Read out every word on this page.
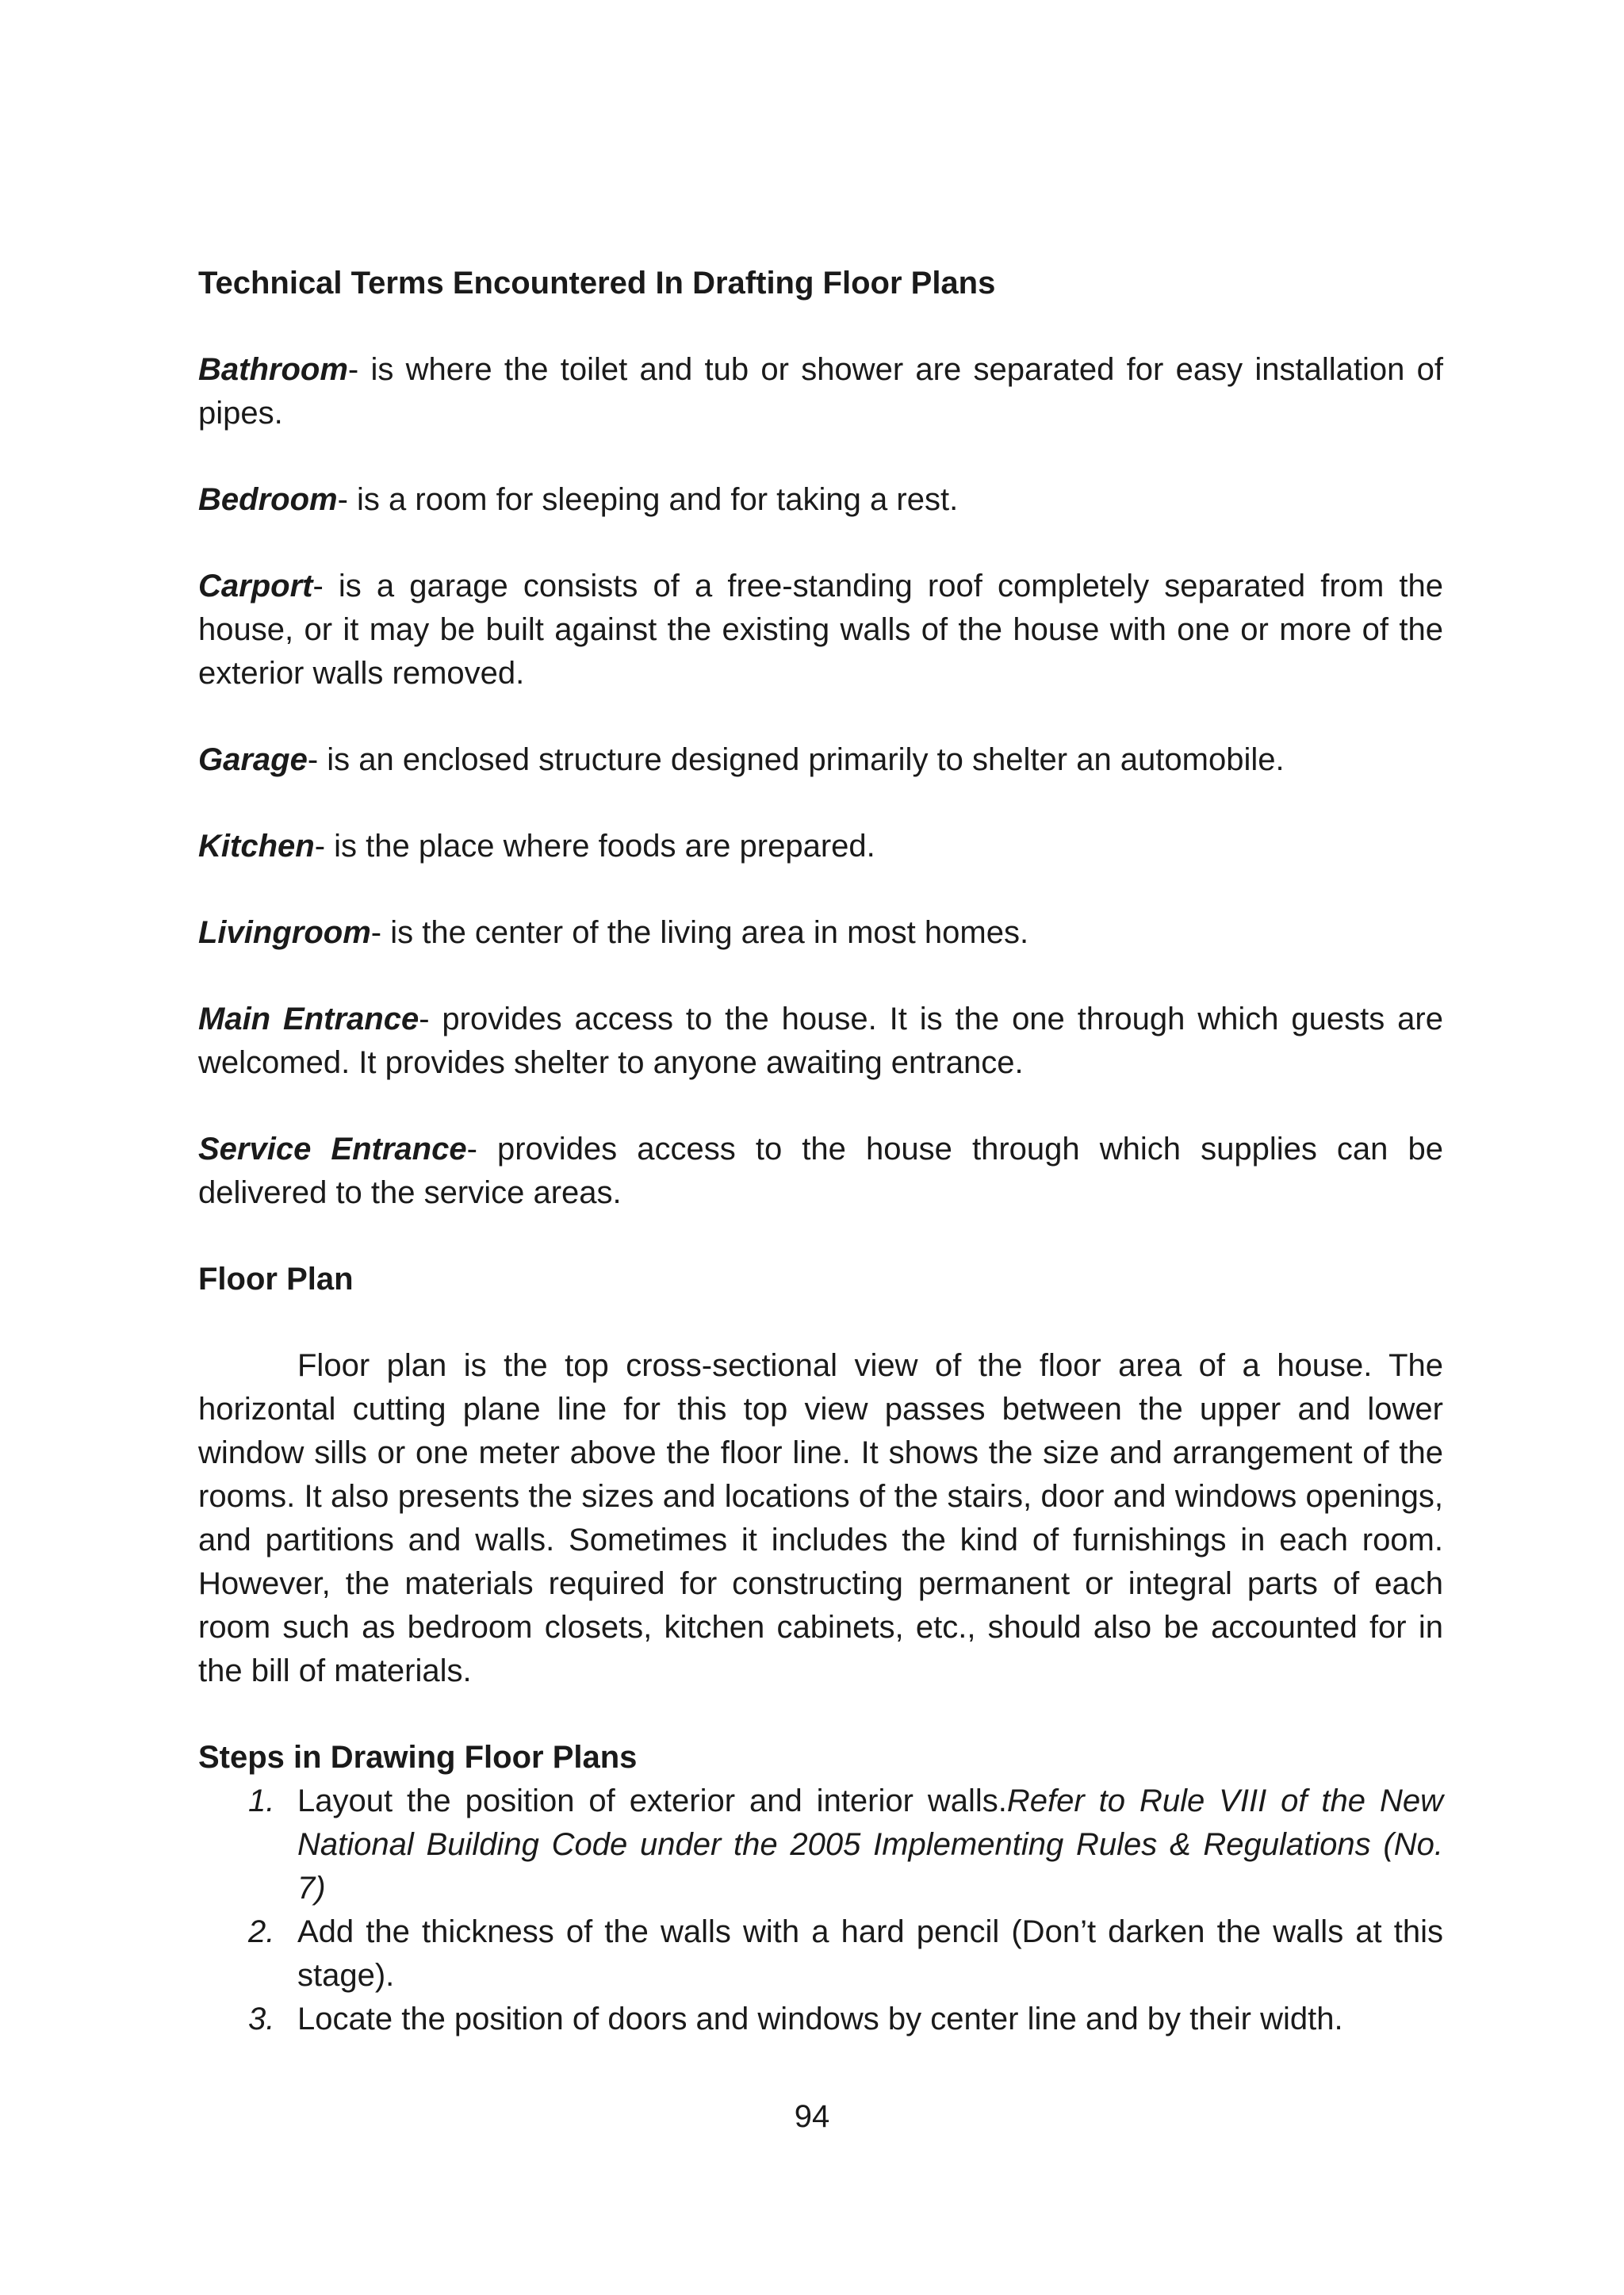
Technical Terms Encountered In Drafting Floor Plans

Bathroom- is where the toilet and tub or shower are separated for easy installation of pipes.

Bedroom- is a room for sleeping and for taking a rest.

Carport- is a garage consists of a free-standing roof completely separated from the house, or it may be built against the existing walls of the house with one or more of the exterior walls removed.

Garage- is an enclosed structure designed primarily to shelter an automobile.

Kitchen- is the place where foods are prepared.

Livingroom- is the center of the living area in most homes.

Main Entrance- provides access to the house. It is the one through which guests are welcomed. It provides shelter to anyone awaiting entrance.

Service Entrance- provides access to the house through which supplies can be delivered to the service areas.

Floor Plan

Floor plan is the top cross-sectional view of the floor area of a house. The horizontal cutting plane line for this top view passes between the upper and lower window sills or one meter above the floor line. It shows the size and arrangement of the rooms. It also presents the sizes and locations of the stairs, door and windows openings, and partitions and walls. Sometimes it includes the kind of furnishings in each room. However, the materials required for constructing permanent or integral parts of each room such as bedroom closets, kitchen cabinets, etc., should also be accounted for in the bill of materials.

Steps in Drawing Floor Plans

1. Layout the position of exterior and interior walls.Refer to Rule VIII of the New National Building Code under the 2005 Implementing Rules & Regulations (No. 7)
2. Add the thickness of the walls with a hard pencil (Don’t darken the walls at this stage).
3. Locate the position of doors and windows by center line and by their width.
94
